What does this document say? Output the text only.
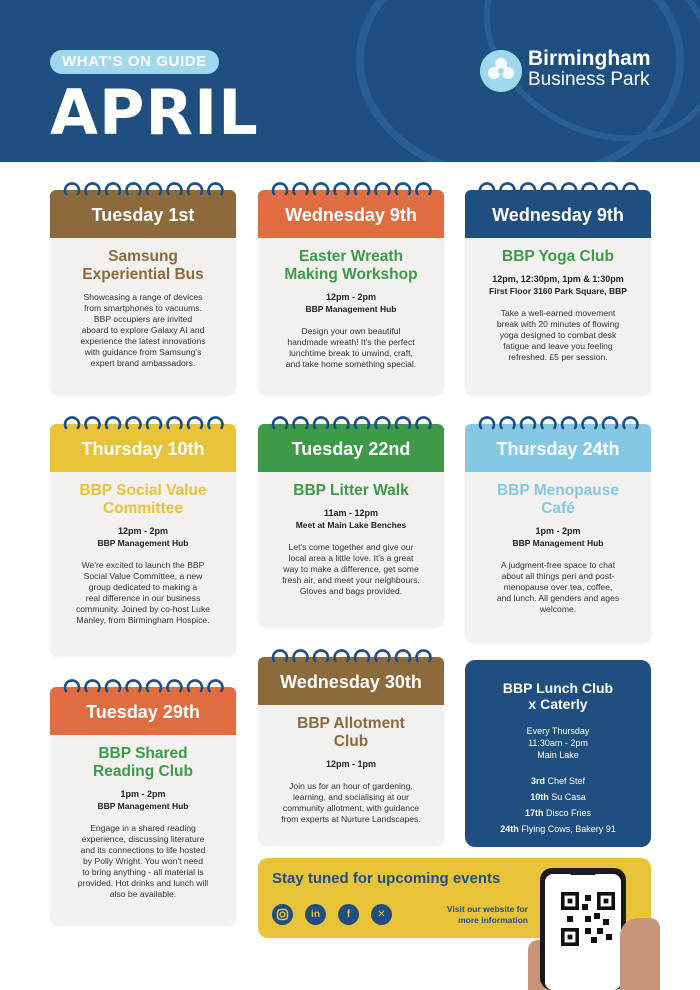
WHAT'S ON GUIDE
APRIL
Birmingham
Business Park
Tuesday 1st
Samsung
Experiential Bus
Showcasing a range of devices
from smartphones to vacuums.
BBP occupiers are invited
aboard to explore Galaxy AI and
experience the latest innovations
with guidance from Samsung's
expert brand ambassadors.
Wednesday 9th
Easter Wreath
Making Workshop
12pm - 2pm
BBP Management Hub
Design your own beautiful
handmade wreath! It's the perfect
lunchtime break to unwind, craft,
and take home something special.
Wednesday 9th
BBP Yoga Club
12pm, 12:30pm, 1pm & 1:30pm
First Floor 3160 Park Square, BBP
Take a well-earned movement
break with 20 minutes of flowing
yoga designed to combat desk
fatigue and leave you feeling
refreshed. £5 per session.
Thursday 10th
BBP Social Value
Committee
12pm - 2pm
BBP Management Hub
We're excited to launch the BBP
Social Value Committee, a new
group dedicated to making a
real difference in our business
community. Joined by co-host Luke
Manley, from Birmingham Hospice.
Tuesday 22nd
BBP Litter Walk
11am - 12pm
Meet at Main Lake Benches
Let's come together and give our
local area a little love. It's a great
way to make a difference, get some
fresh air, and meet your neighbours.
Gloves and bags provided.
Thursday 24th
BBP Menopause
Café
1pm - 2pm
BBP Management Hub
A judgment-free space to chat
about all things peri and post-
menopause over tea, coffee,
and lunch. All genders and ages
welcome.
Tuesday 29th
BBP Shared
Reading Club
1pm - 2pm
BBP Management Hub
Engage in a shared reading
experience, discussing literature
and its connections to life hosted
by Polly Wright. You won't need
to bring anything - all material is
provided. Hot drinks and lunch will
also be available.
Wednesday 30th
BBP Allotment
Club
12pm - 1pm
Join us for an hour of gardening,
learning, and socialising at our
community allotment, with guidance
from experts at Nurture Landscapes.
BBP Lunch Club
x Caterly
Every Thursday
11:30am - 2pm
Main Lake
3rd Chef Stef
10th Su Casa
17th Disco Fries
24th Flying Cows, Bakery 91
Stay tuned for upcoming events
in	f	✕	Visit our website for
more information
